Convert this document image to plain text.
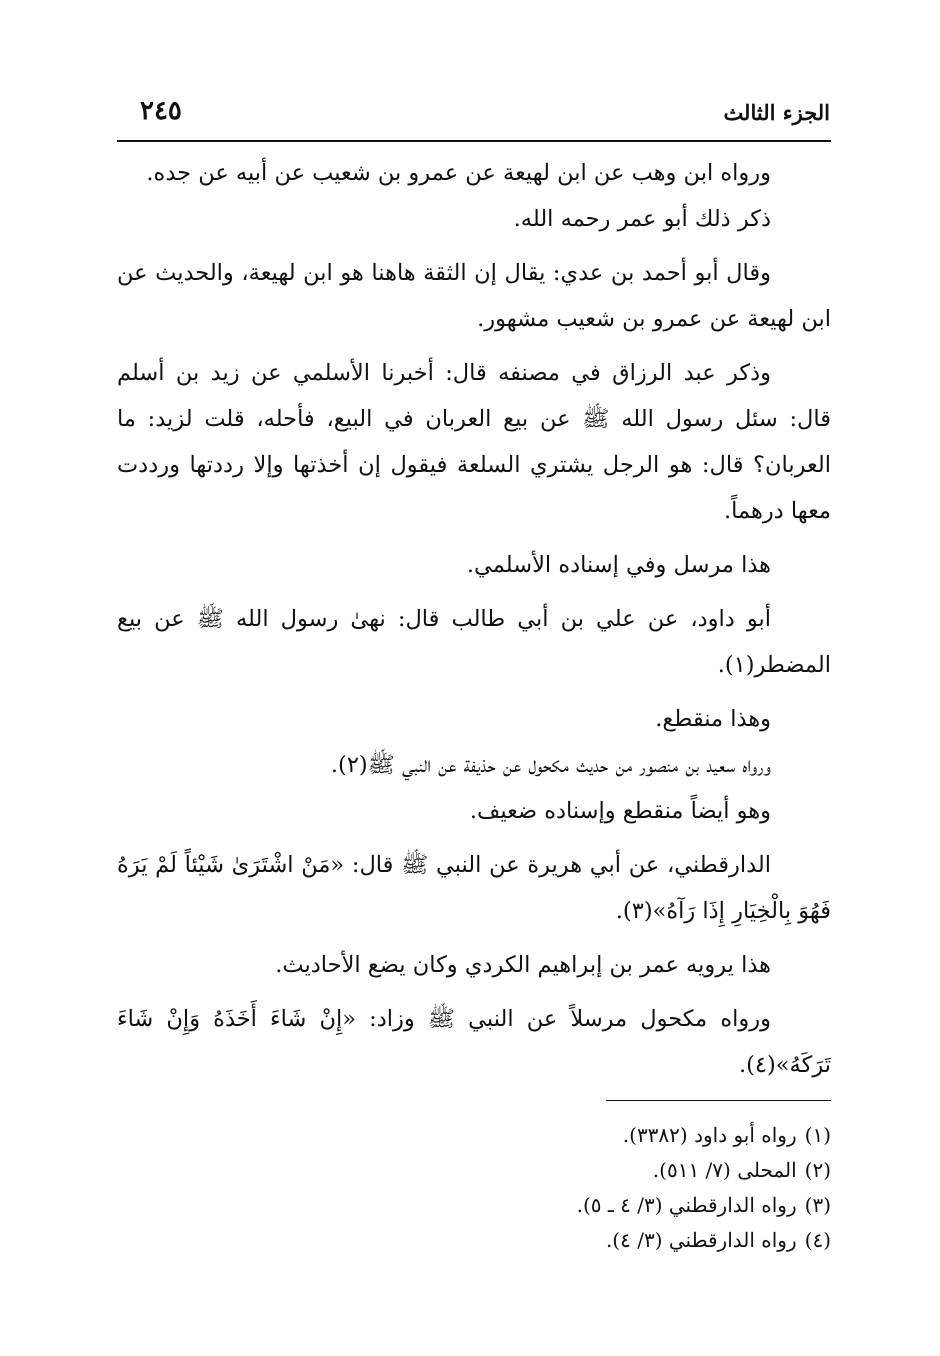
الجزء الثالث
٢٤٥

ورواه ابن وهب عن ابن لهيعة عن عمرو بن شعيب عن أبيه عن جده.

ذكر ذلك أبو عمر رحمه الله.

وقال أبو أحمد بن عدي: يقال إن الثقة هاهنا هو ابن لهيعة، والحديث عن ابن لهيعة عن عمرو بن شعيب مشهور.

وذكر عبد الرزاق في مصنفه قال: أخبرنا الأسلمي عن زيد بن أسلم قال: سئل رسول الله ﷺ عن بيع العربان في البيع، فأحله، قلت لزيد: ما العربان؟ قال: هو الرجل يشتري السلعة فيقول إن أخذتها وإلا رددتها ورددت معها درهماً.

هذا مرسل وفي إسناده الأسلمي.

أبو داود، عن علي بن أبي طالب قال: نهىٰ رسول الله ﷺ عن بيع المضطر(١).

وهذا منقطع.

ورواه سعيد بن منصور من حديث مكحول عن حذيفة عن النبي ﷺ(٢).

وهو أيضاً منقطع وإسناده ضعيف.

الدارقطني، عن أبي هريرة عن النبي ﷺ قال: «مَنْ اشْتَرَىٰ شَيْئاً لَمْ يَرَهُ فَهُوَ بِالْخِيَارِ إِذَا رَآهُ»(٣).

هذا يرويه عمر بن إبراهيم الكردي وكان يضع الأحاديث.

ورواه مكحول مرسلاً عن النبي ﷺ وزاد: «إِنْ شَاءَ أَخَذَهُ وَإِنْ شَاءَ تَرَكَهُ»(٤).

(١)رواه أبو داود (٣٣٨٢).
(٢)المحلى (٧/ ٥١١).
(٣)رواه الدارقطني (٣/ ٤ ـ ٥).
(٤)رواه الدارقطني (٣/ ٤).
